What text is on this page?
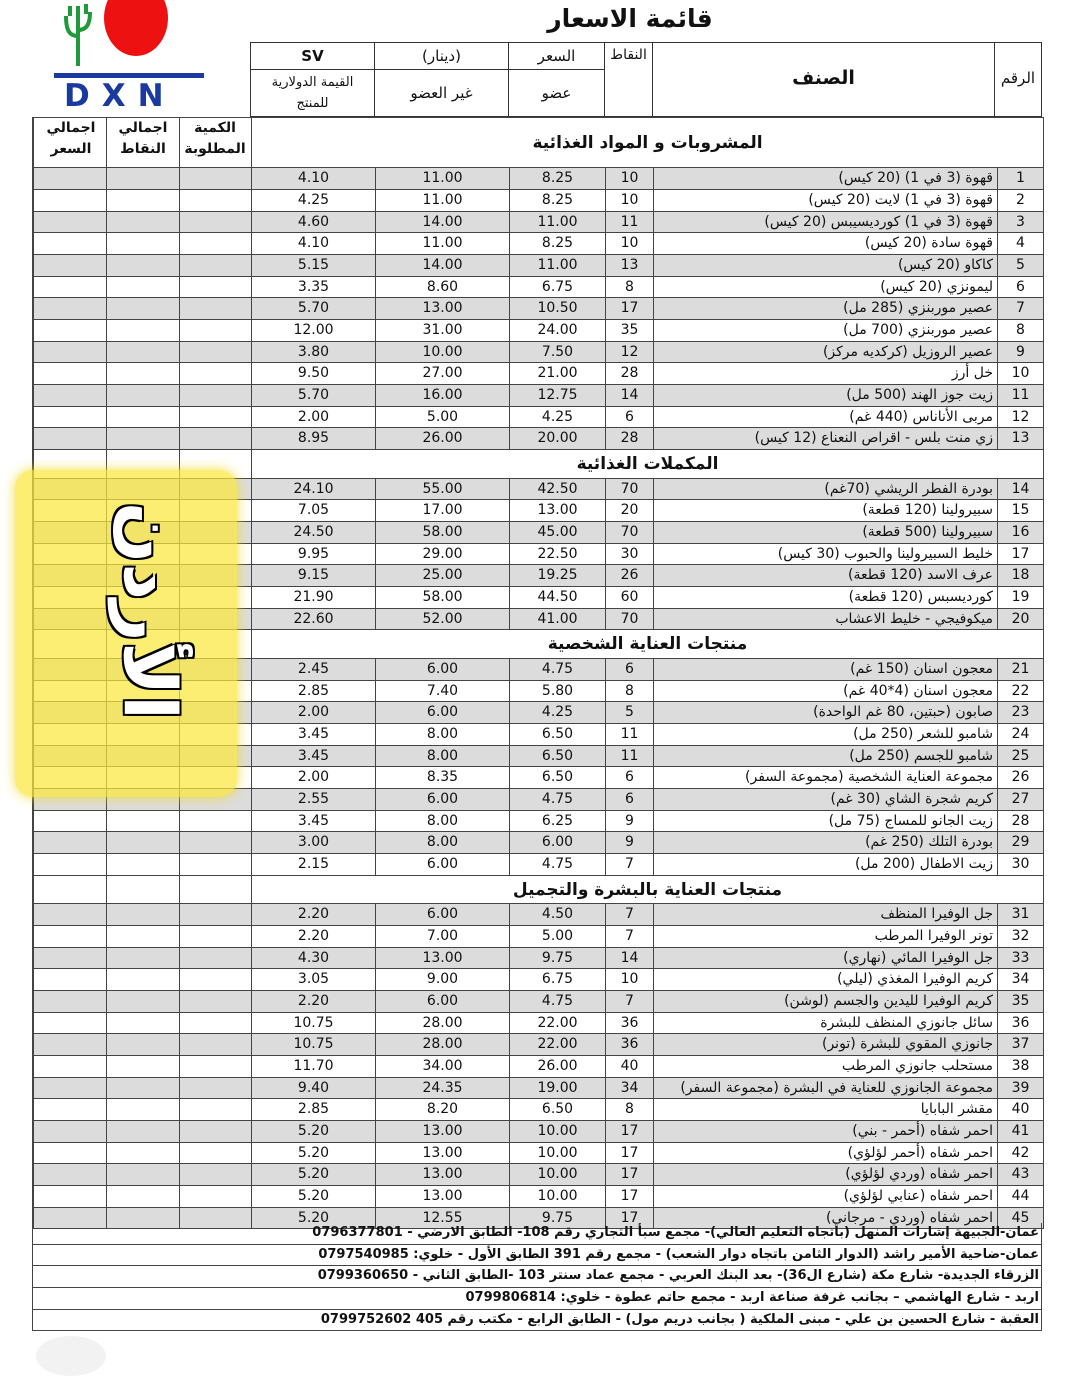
قائمة الاسعار
DXN	الرقم
الصنف
النقاط
السعر
(دينار)
SV
عضو
غير العضو
القيمة الدولارية للمنتج
الكمية المطلوبة
اجمالي النقاط
اجمالي السعر	المشروبات و المواد الغذائية
1
قهوة (3 في 1) (20 كيس)
10
8.25
11.00
4.10
2
قهوة (3 في 1) لايت (20 كيس)
10
8.25
11.00
4.25
3
قهوة (3 في 1) كورديسيبس (20 كيس)
11
11.00
14.00
4.60
4
قهوة سادة (20 كيس)
10
8.25
11.00
4.10
5
كاكاو (20 كيس)
13
11.00
14.00
5.15
6
ليمونزي (20 كيس)
8
6.75
8.60
3.35
7
عصير موربنزي (285 مل)
17
10.50
13.00
5.70
8
عصير موربنزي (700 مل)
35
24.00
31.00
12.00
9
عصير الروزيل (كركديه مركز)
12
7.50
10.00
3.80
10
خل أرز
28
21.00
27.00
9.50
11
زيت جوز الهند (500 مل)
14
12.75
16.00
5.70
12
مربى الأناناس (440 غم)
6
4.25
5.00
2.00
13
زي منت بلس - اقراص النعناع (12 كيس)
28
20.00
26.00
8.95
المكملات الغذائية
14
بودرة الفطر الريشي (70غم)
70
42.50
55.00
24.10
15
سبيرولينا (120 قطعة)
20
13.00
17.00
7.05
16
سبيرولينا (500 قطعة)
70
45.00
58.00
24.50
17
خليط السبيرولينا والحبوب (30 كيس)
30
22.50
29.00
9.95
18
عرف الاسد (120 قطعة)
26
19.25
25.00
9.15
19
كورديسبس (120 قطعة)
60
44.50
58.00
21.90
20
ميكوفيجي - خليط الاعشاب
70
41.00
52.00
22.60
منتجات العناية الشخصية
21
معجون اسنان (150 غم)
6
4.75
6.00
2.45
22
معجون اسنان (4*40 غم)
8
5.80
7.40
2.85
23
صابون (حبتين، 80 غم الواحدة)
5
4.25
6.00
2.00
24
شامبو للشعر (250 مل)
11
6.50
8.00
3.45
25
شامبو للجسم (250 مل)
11
6.50
8.00
3.45
26
مجموعة العناية الشخصية (مجموعة السفر)
6
6.50
8.35
2.00
27
كريم شجرة الشاي (30 غم)
6
4.75
6.00
2.55
28
زيت الجانو للمساج (75 مل)
9
6.25
8.00
3.45
29
بودرة التلك (250 غم)
9
6.00
8.00
3.00
30
زيت الاطفال (200 مل)
7
4.75
6.00
2.15
منتجات العناية بالبشرة والتجميل
31
جل الوفيرا المنظف
7
4.50
6.00
2.20
32
تونر الوفيرا المرطب
7
5.00
7.00
2.20
33
جل الوفيرا المائي (نهاري)
14
9.75
13.00
4.30
34
كريم الوفيرا المغذي (ليلي)
10
6.75
9.00
3.05
35
كريم الوفيرا لليدين والجسم (لوشن)
7
4.75
6.00
2.20
36
سائل جانوزي المنظف للبشرة
36
22.00
28.00
10.75
37
جانوزي المقوي للبشرة (تونر)
36
22.00
28.00
10.75
38
مستحلب جانوزي المرطب
40
26.00
34.00
11.70
39
مجموعة الجانوزي للعناية في البشرة (مجموعة السفر)
34
19.00
24.35
9.40
40
مقشر البابايا
8
6.50
8.20
2.85
41
احمر شفاه (أحمر - بني)
17
10.00
13.00
5.20
42
احمر شفاه (أحمر لؤلؤي)
17
10.00
13.00
5.20
43
احمر شفاه (وردي لؤلؤي)
17
10.00
13.00
5.20
44
احمر شفاه (عنابي لؤلؤي)
17
10.00
13.00
5.20
45
احمر شفاه (وردي - مرجاني)
17
9.75
12.55
5.20
عمان-الجبيهة إشارات المنهل (باتجاه التعليم العالي)- مجمع سبأ التجاري رقم 108- الطابق الارضي - 0796377801
عمان-ضاحية الأمير راشد (الدوار الثامن باتجاه دوار الشعب) - مجمع رقم 391 الطابق الأول - خلوي: 0797540985
الزرقاء الجديدة- شارع مكة (شارع ال36)- بعد البنك العربي - مجمع عماد سنتر 103 -الطابق الثاني - 0799360650
اربد - شارع الهاشمي – بجانب غرفة صناعة اربد - مجمع حاتم عطوة - خلوي: 0799806814
العقبة - شارع الحسين بن علي - مبنى الملكية ( بجانب دريم مول) - الطابق الرابع - مكتب رقم 405 0799752602
الأردن
